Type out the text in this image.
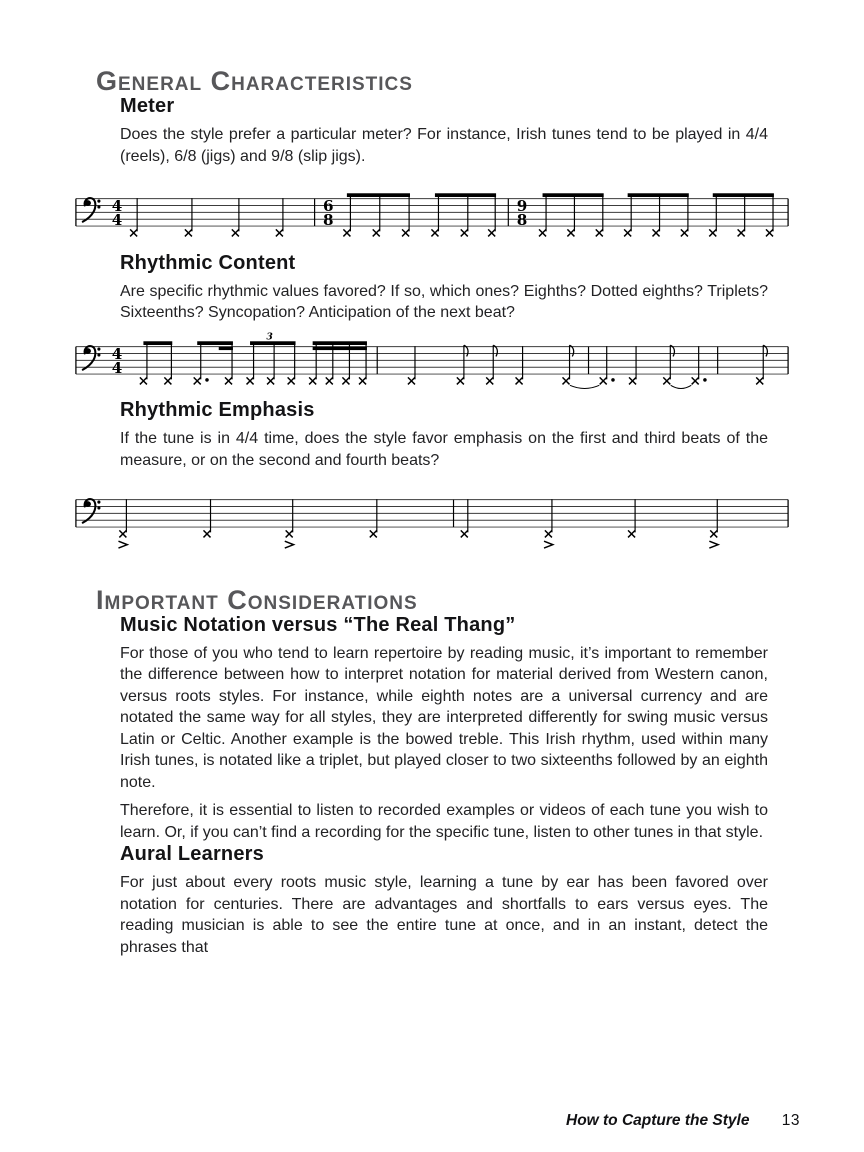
General Characteristics
Meter

Does the style prefer a particular meter? For instance, Irish tunes tend to be played in 4/4 (reels), 6/8 (jigs) and 9/8 (slip jigs).

4
4
6
8
9
8
Rhythmic Content

Are specific rhythmic values favored? If so, which ones? Eighths? Dotted eighths? Triplets? Sixteenths? Syncopation? Anticipation of the next beat?

4
4
3
Rhythmic Emphasis

If the tune is in 4/4 time, does the style favor emphasis on the first and third beats of the measure, or on the second and fourth beats?

Important Considerations
Music Notation versus “The Real Thang”

For those of you who tend to learn repertoire by reading music, it’s important to remember the difference between how to interpret notation for material derived from Western canon, versus roots styles. For instance, while eighth notes are a universal currency and are notated the same way for all styles, they are interpreted differently for swing music versus Latin or Celtic. Another example is the bowed treble. This Irish rhythm, used within many Irish tunes, is notated like a triplet, but played closer to two sixteenths followed by an eighth note.

Therefore, it is essential to listen to recorded examples or videos of each tune you wish to learn. Or, if you can’t find a recording for the specific tune, listen to other tunes in that style.

Aural Learners

For just about every roots music style, learning a tune by ear has been favored over notation for centuries. There are advantages and shortfalls to ears versus eyes. The reading musician is able to see the entire tune at once, and in an instant, detect the phrases that

How to Capture the Style 13
